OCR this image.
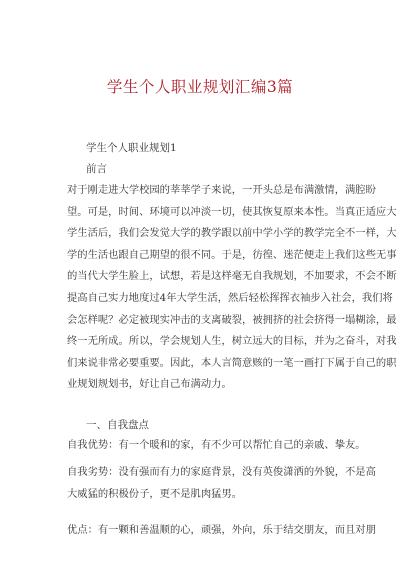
学生个人职业规划汇编3篇
学生个人职业规划1
前言
对于刚走进大学校园的莘莘学子来说，一开头总是布满激情，满腔盼
望。可是，时间、环境可以冲淡一切，使其恢复原来本性。当真正适应大
学生活后，我们会发觉大学的教学跟以前中学小学的教学完全不一样，大
学的生活也跟自己期望的很不同。于是，彷徨、迷茫便走上我们这些无事
的当代大学生脸上，试想，若是这样毫无自我规划，不加要求，不会不断
提高自己实力地度过4年大学生活，然后轻松挥挥衣袖步入社会，我们将
会怎样呢？必定被现实冲击的支离破裂，被拥挤的社会挤得一塌糊涂，最
终一无所成。所以，学会规划人生，树立远大的目标，并为之奋斗，对我
们来说非常必要重要。因此，本人言简意赅的一笔一画打下属于自己的职
业规划规划书，好让自己布满动力。
一、自我盘点
自我优势：有一个暖和的家，有不少可以帮忙自己的亲戚、挚友。
自我劣势：没有强而有力的家庭背景，没有英俊潇洒的外貌，不是高
大威猛的积极份子，更不是肌肉猛男。
优点：有一颗和善温顺的心，顽强，外向，乐于结交朋友，而且对朋
